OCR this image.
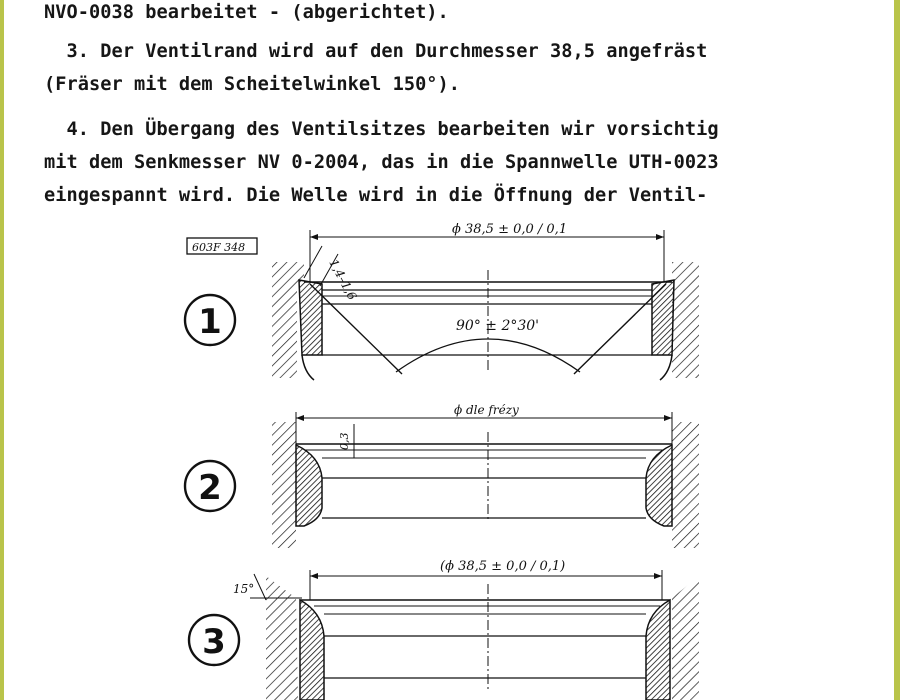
NVO-0038 bearbeitet - (abgerichtet).
3. Der Ventilrand wird auf den Durchmesser 38,5 angefräst
(Fräser mit dem Scheitelwinkel 150°).
4. Den Übergang des Ventilsitzes bearbeiten wir vorsichtig
mit dem Senkmesser NV 0-2004, das in die Spannwelle UTH-0023
eingespannt wird. Die Welle wird in die Öffnung der Ventil-
603F 348
1	90° ± 2°30'
ϕ 38,5 ± 0,0 / 0,1
1,4–1,6
2
ϕ dle frézy
0,3
3
(ϕ 38,5 ± 0,0 / 0,1)
15°
